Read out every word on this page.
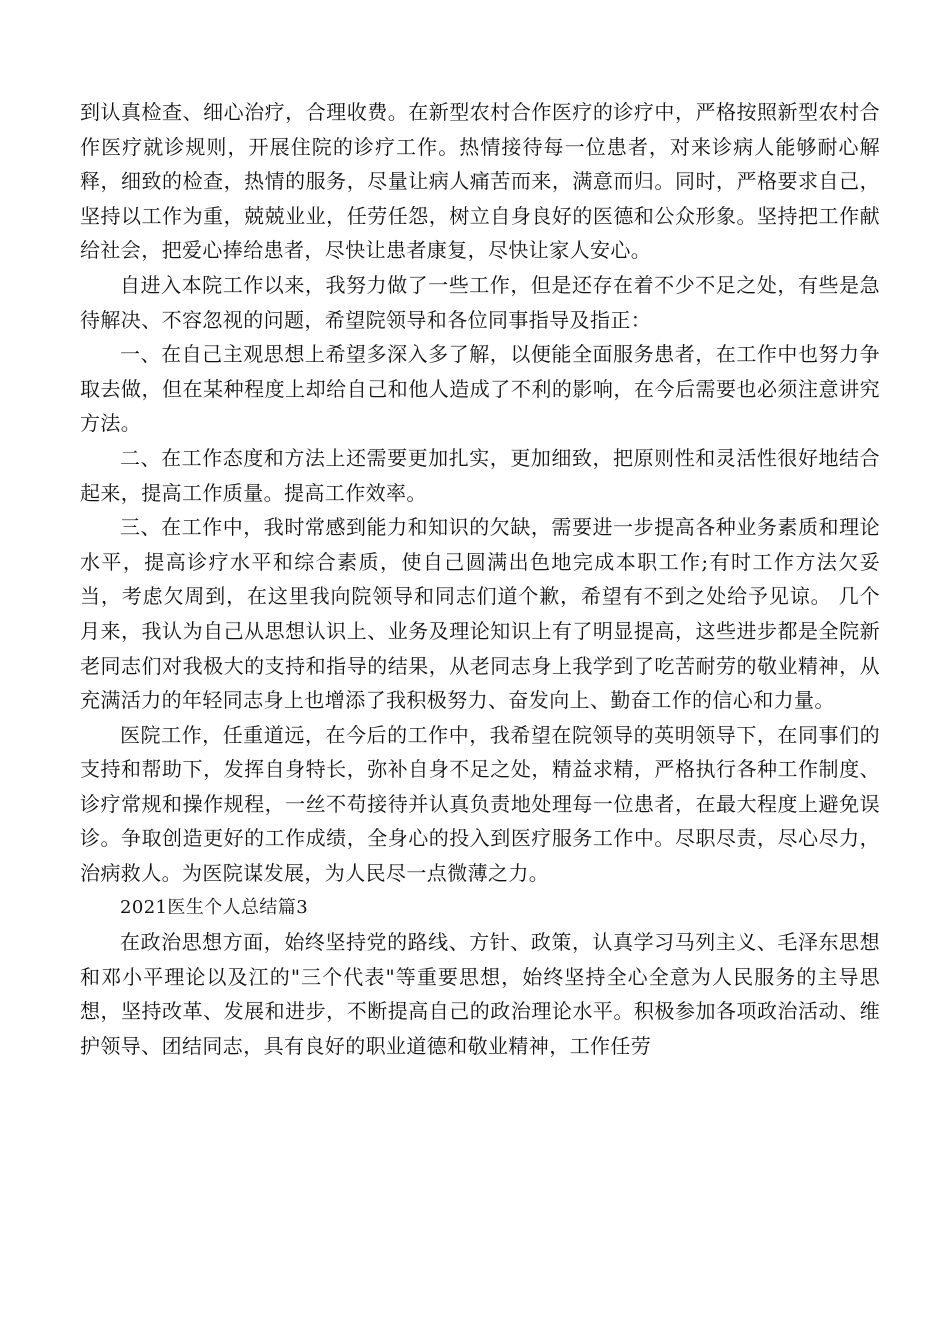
到认真检查、细心治疗，合理收费。在新型农村合作医疗的诊疗中，严格按照新型农村合作医疗就诊规则，开展住院的诊疗工作。热情接待每一位患者，对来诊病人能够耐心解释，细致的检查，热情的服务，尽量让病人痛苦而来，满意而归。同时，严格要求自己，坚持以工作为重，兢兢业业，任劳任怨，树立自身良好的医德和公众形象。坚持把工作献给社会，把爱心捧给患者，尽快让患者康复，尽快让家人安心。

自进入本院工作以来，我努力做了一些工作，但是还存在着不少不足之处，有些是急待解决、不容忽视的问题，希望院领导和各位同事指导及指正：

一、在自己主观思想上希望多深入多了解，以便能全面服务患者，在工作中也努力争取去做，但在某种程度上却给自己和他人造成了不利的影响，在今后需要也必须注意讲究方法。

二、在工作态度和方法上还需要更加扎实，更加细致，把原则性和灵活性很好地结合起来，提高工作质量。提高工作效率。

三、在工作中，我时常感到能力和知识的欠缺，需要进一步提高各种业务素质和理论水平，提高诊疗水平和综合素质，使自己圆满出色地完成本职工作;有时工作方法欠妥当，考虑欠周到，在这里我向院领导和同志们道个歉，希望有不到之处给予见谅。 几个月来，我认为自己从思想认识上、业务及理论知识上有了明显提高，这些进步都是全院新老同志们对我极大的支持和指导的结果，从老同志身上我学到了吃苦耐劳的敬业精神，从充满活力的年轻同志身上也增添了我积极努力、奋发向上、勤奋工作的信心和力量。

医院工作，任重道远，在今后的工作中，我希望在院领导的英明领导下，在同事们的支持和帮助下，发挥自身特长，弥补自身不足之处，精益求精，严格执行各种工作制度、诊疗常规和操作规程，一丝不苟接待并认真负责地处理每一位患者，在最大程度上避免误诊。争取创造更好的工作成绩，全身心的投入到医疗服务工作中。尽职尽责，尽心尽力，治病救人。为医院谋发展，为人民尽一点微薄之力。

2021医生个人总结篇3

在政治思想方面，始终坚持党的路线、方针、政策，认真学习马列主义、毛泽东思想和邓小平理论以及江的"三个代表"等重要思想，始终坚持全心全意为人民服务的主导思想，坚持改革、发展和进步，不断提高自己的政治理论水平。积极参加各项政治活动、维护领导、团结同志，具有良好的职业道德和敬业精神，工作任劳
